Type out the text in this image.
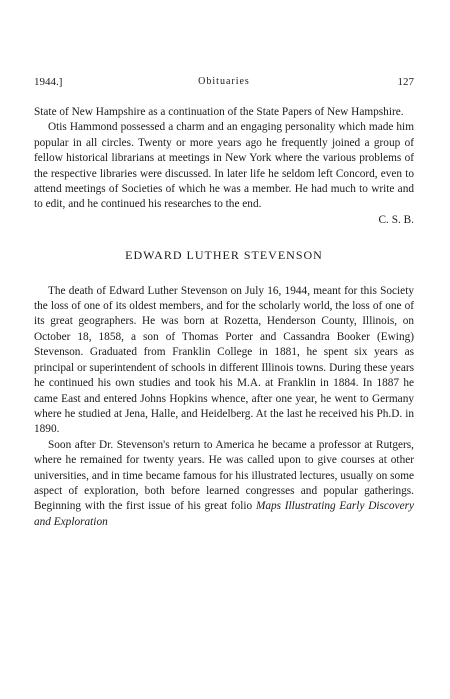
1944.]	Obituaries	127

State of New Hampshire as a continuation of the State Papers of New Hampshire.

Otis Hammond possessed a charm and an engaging personality which made him popular in all circles. Twenty or more years ago he frequently joined a group of fellow historical librarians at meetings in New York where the various problems of the respective libraries were discussed. In later life he seldom left Concord, even to attend meetings of Societies of which he was a member. He had much to write and to edit, and he continued his researches to the end.

C. S. B.

EDWARD LUTHER STEVENSON

The death of Edward Luther Stevenson on July 16, 1944, meant for this Society the loss of one of its oldest members, and for the scholarly world, the loss of one of its great geographers. He was born at Rozetta, Henderson County, Illinois, on October 18, 1858, a son of Thomas Porter and Cassandra Booker (Ewing) Stevenson. Graduated from Franklin College in 1881, he spent six years as principal or superintendent of schools in different Illinois towns. During these years he continued his own studies and took his M.A. at Franklin in 1884. In 1887 he came East and entered Johns Hopkins whence, after one year, he went to Germany where he studied at Jena, Halle, and Heidelberg. At the last he received his Ph.D. in 1890.

Soon after Dr. Stevenson's return to America he became a professor at Rutgers, where he remained for twenty years. He was called upon to give courses at other universities, and in time became famous for his illustrated lectures, usually on some aspect of exploration, both before learned congresses and popular gatherings. Beginning with the first issue of his great folio Maps Illustrating Early Discovery and Exploration
